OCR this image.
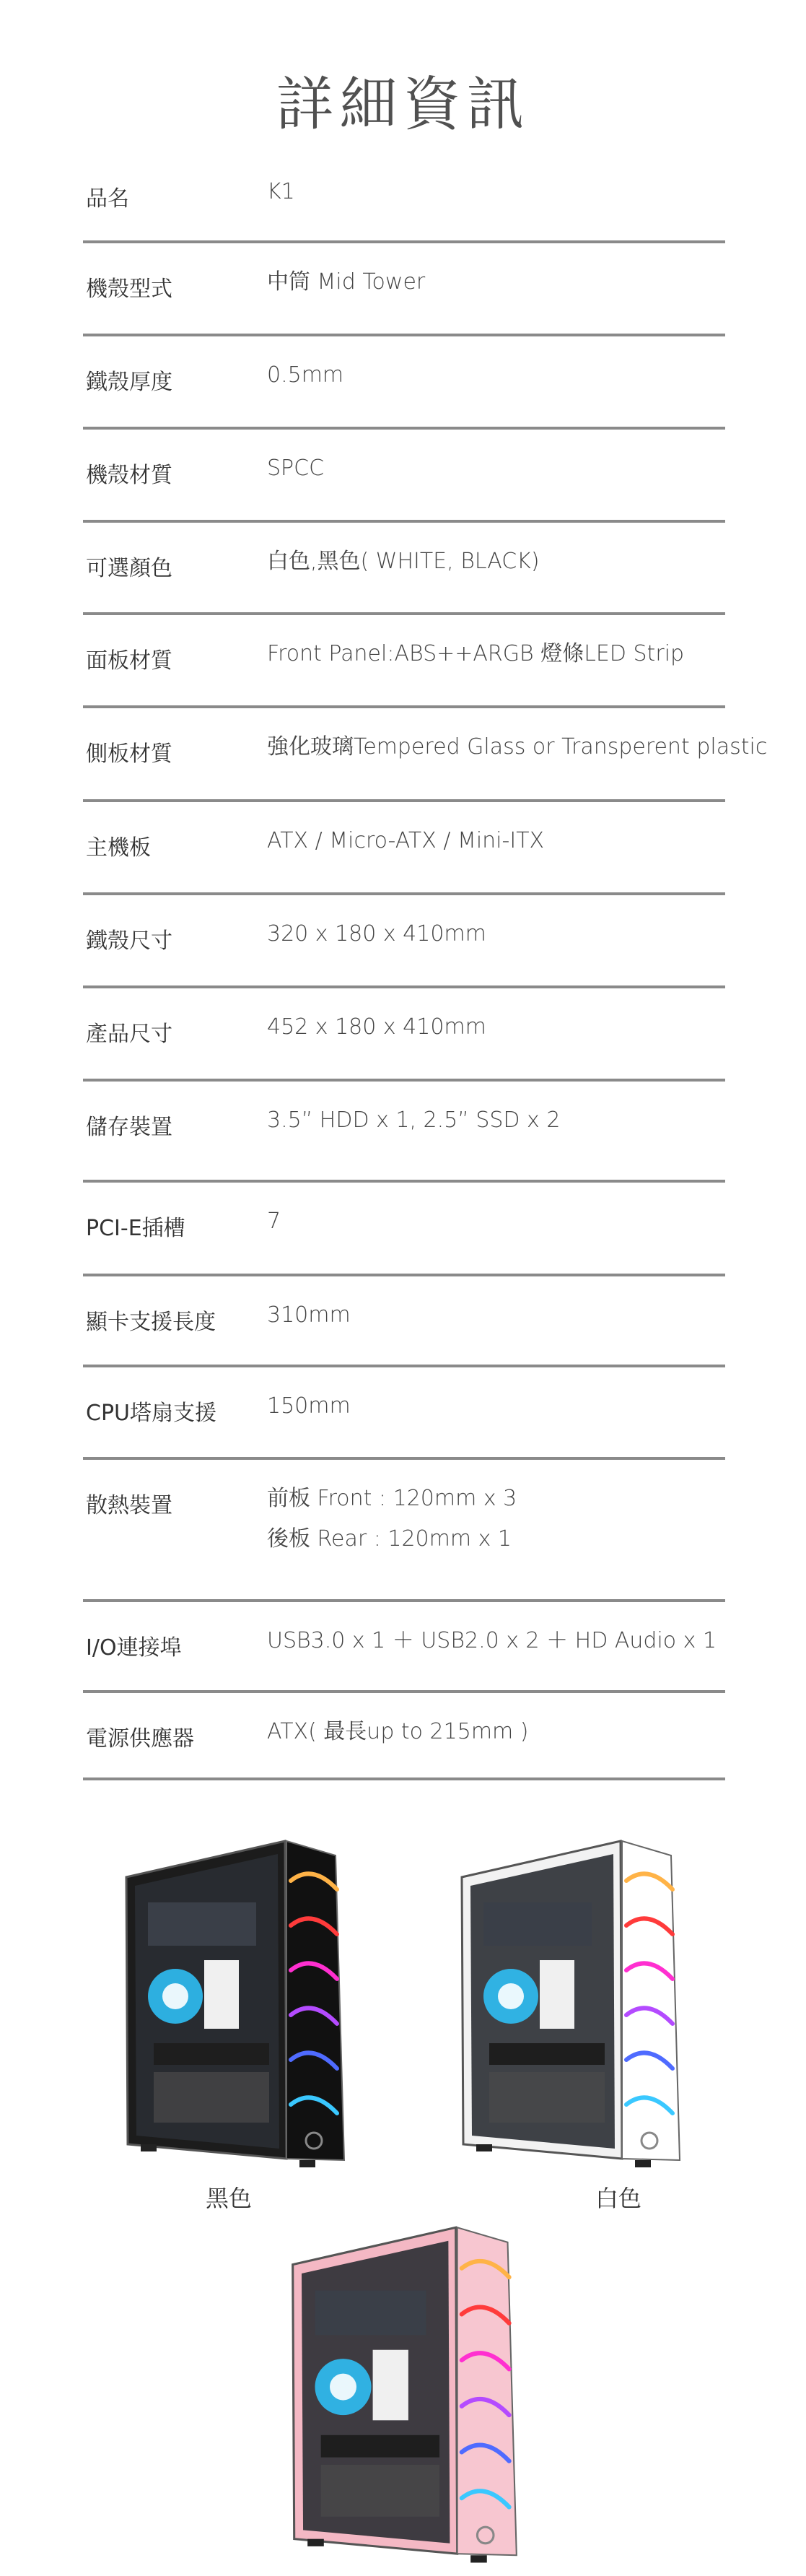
詳細資訊
品名	K1
機殼型式	中筒 Mid Tower
鐵殼厚度	0.5mm
機殼材質	SPCC
可選顏色	白色,黑色( WHITE, BLACK)
面板材質	Front Panel:ABS++ARGB 燈條LED Strip
側板材質	強化玻璃Tempered Glass or Transperent plastic
主機板	ATX / Micro-ATX / Mini-ITX
鐵殼尺寸	320 x 180 x 410mm
產品尺寸	452 x 180 x 410mm
儲存裝置	3.5” HDD x 1, 2.5” SSD x 2
PCI-E插槽	7
顯卡支援長度 310mm
CPU塔扇支援 150mm
散熱裝置	前板 Front : 120mm x 3
後板 Rear : 120mm x 1
I/O連接埠	USB3.0 x 1 ＋ USB2.0 x 2 ＋ HD Audio x 1
電源供應器	ATX( 最長up to 215mm )
黑色	白色
